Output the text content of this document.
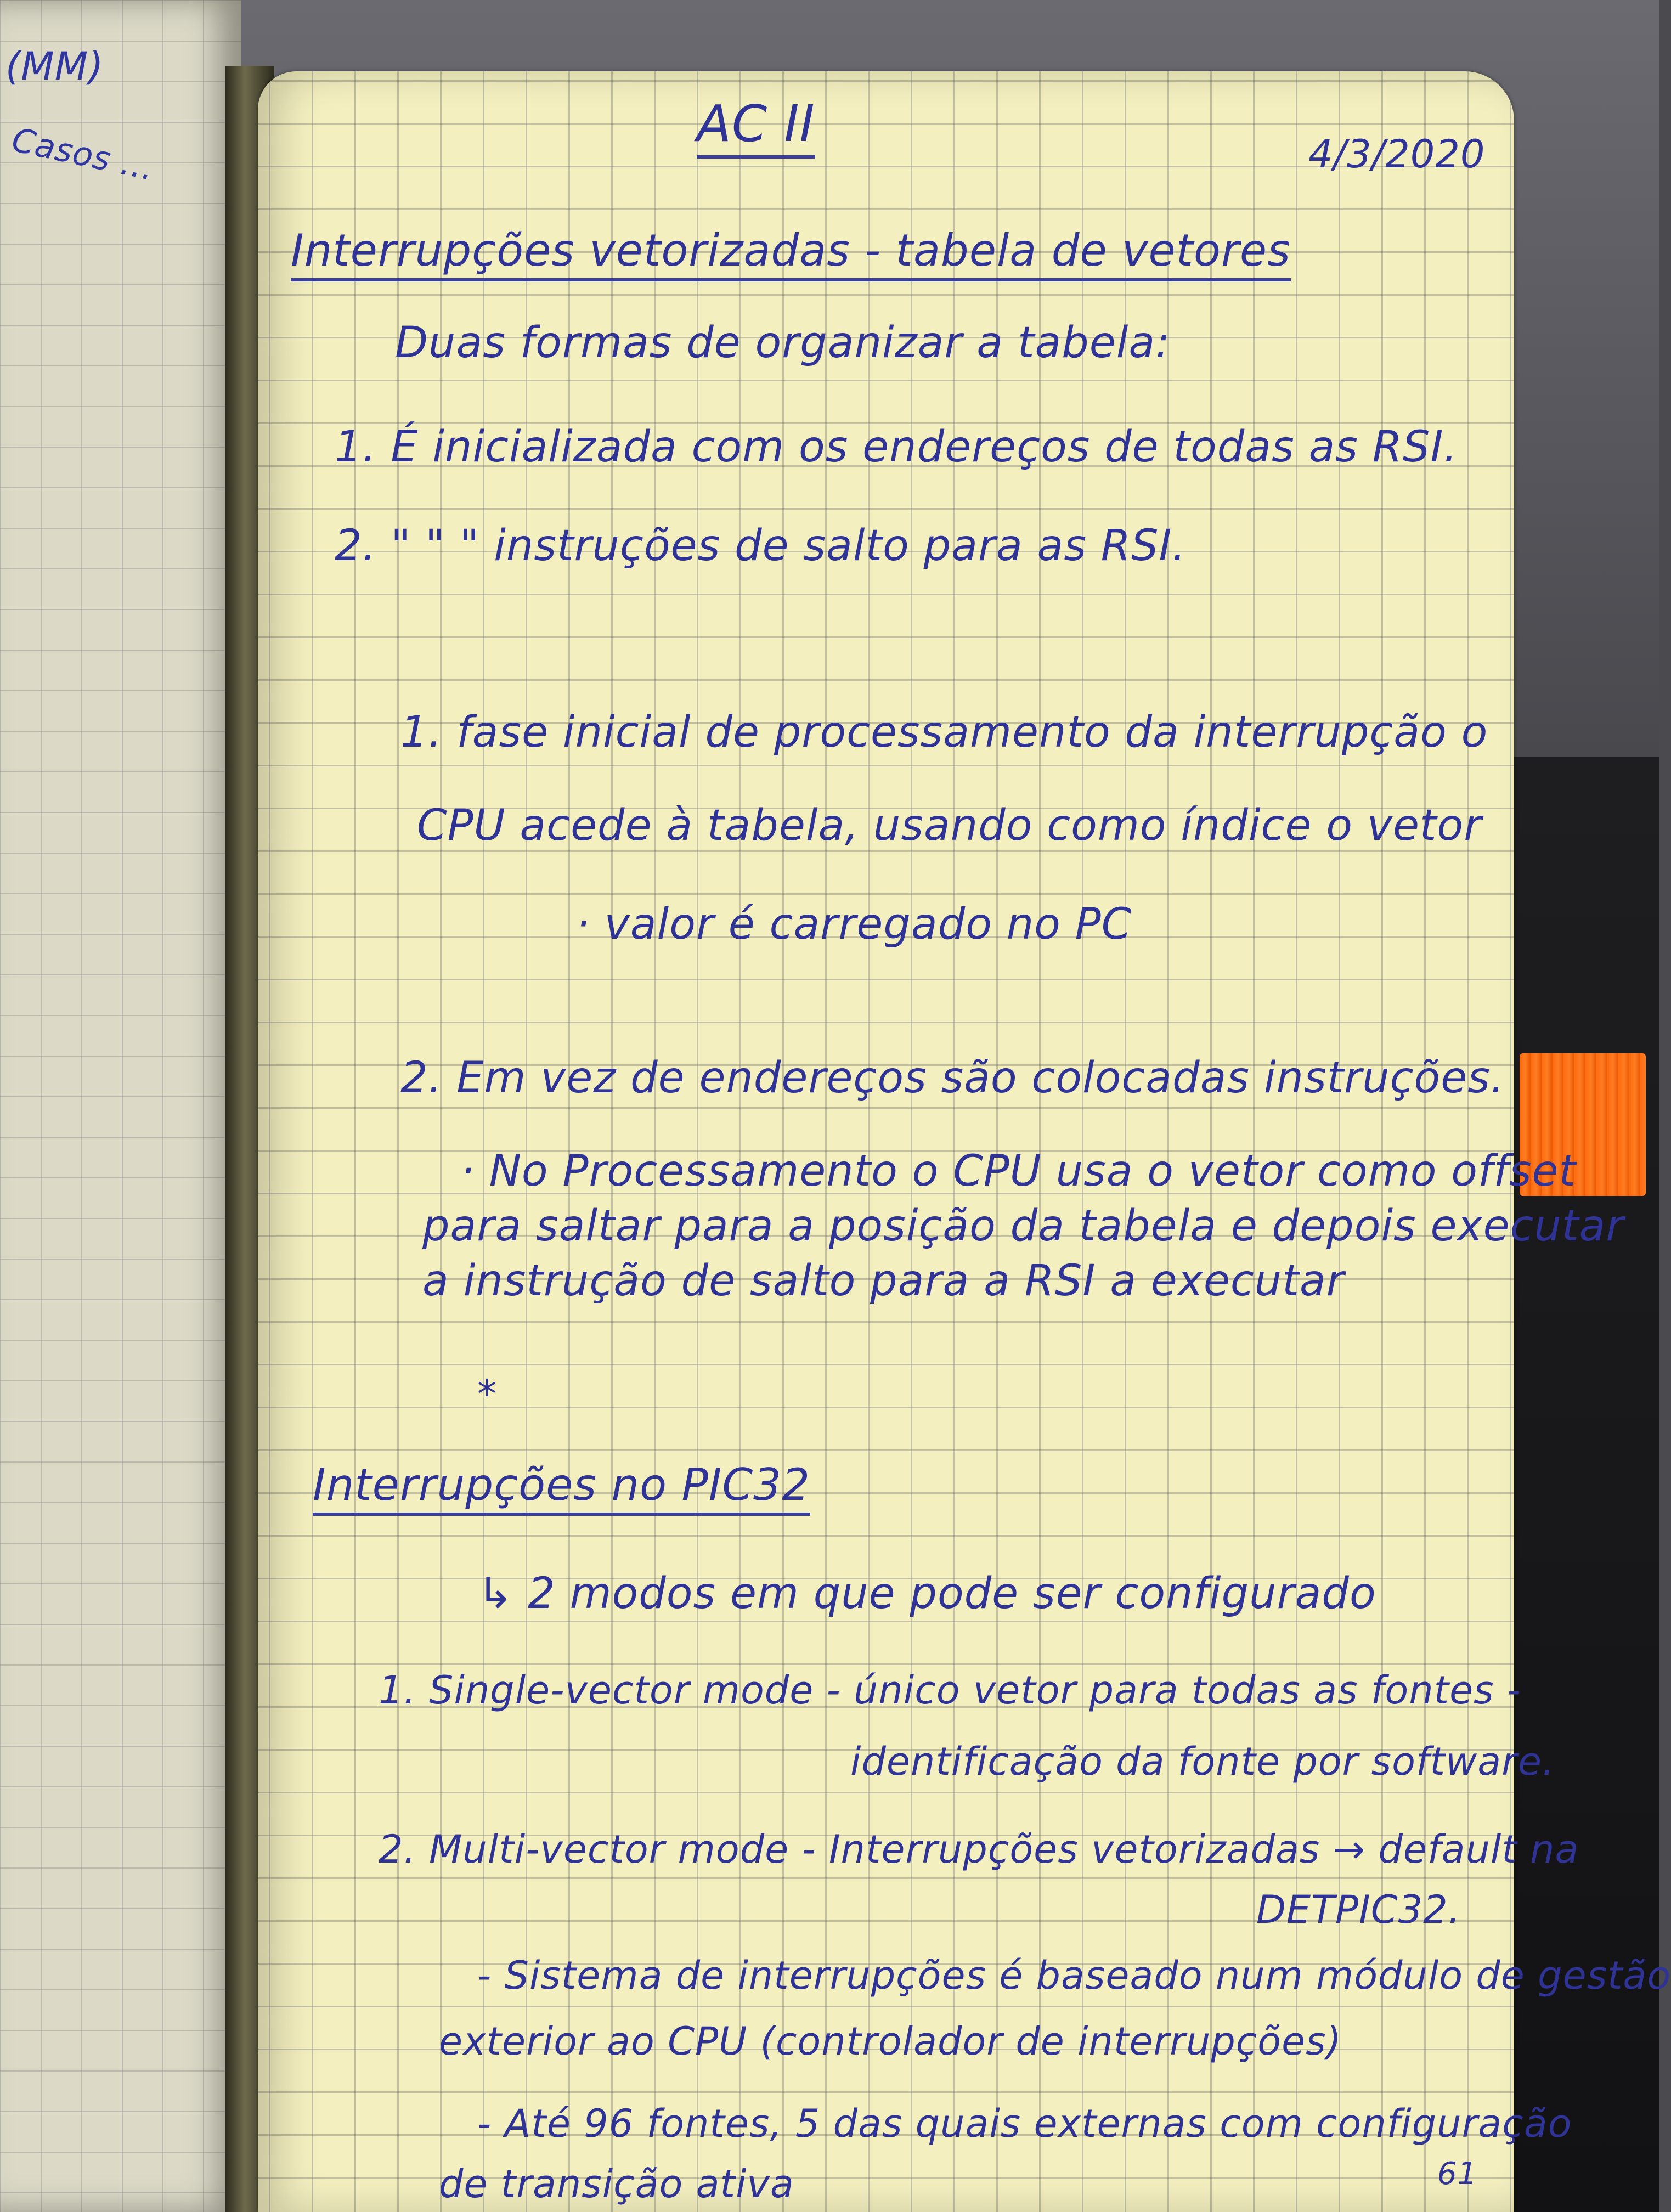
(MM)
Casos ...	AC II
4/3/2020
Interrupções vetorizadas - tabela de vetores
Duas formas de organizar a tabela:
1. É inicializada com os endereços de todas as RSI.
2. " " " instruções de salto para as RSI.
1. fase inicial de processamento da interrupção o
CPU acede à tabela, usando como índice o vetor
· valor é carregado no PC
2. Em vez de endereços são colocadas instruções.
· No Processamento o CPU usa o vetor como offset
para saltar para a posição da tabela e depois executar
a instrução de salto para a RSI a executar
*
Interrupções no PIC32
↳ 2 modos em que pode ser configurado
1. Single-vector mode - único vetor para todas as fontes -
identificação da fonte por software.
2. Multi-vector mode - Interrupções vetorizadas → default na
DETPIC32.
- Sistema de interrupções é baseado num módulo de gestão
exterior ao CPU (controlador de interrupções)
- Até 96 fontes, 5 das quais externas com configuração
de transição ativa	61
